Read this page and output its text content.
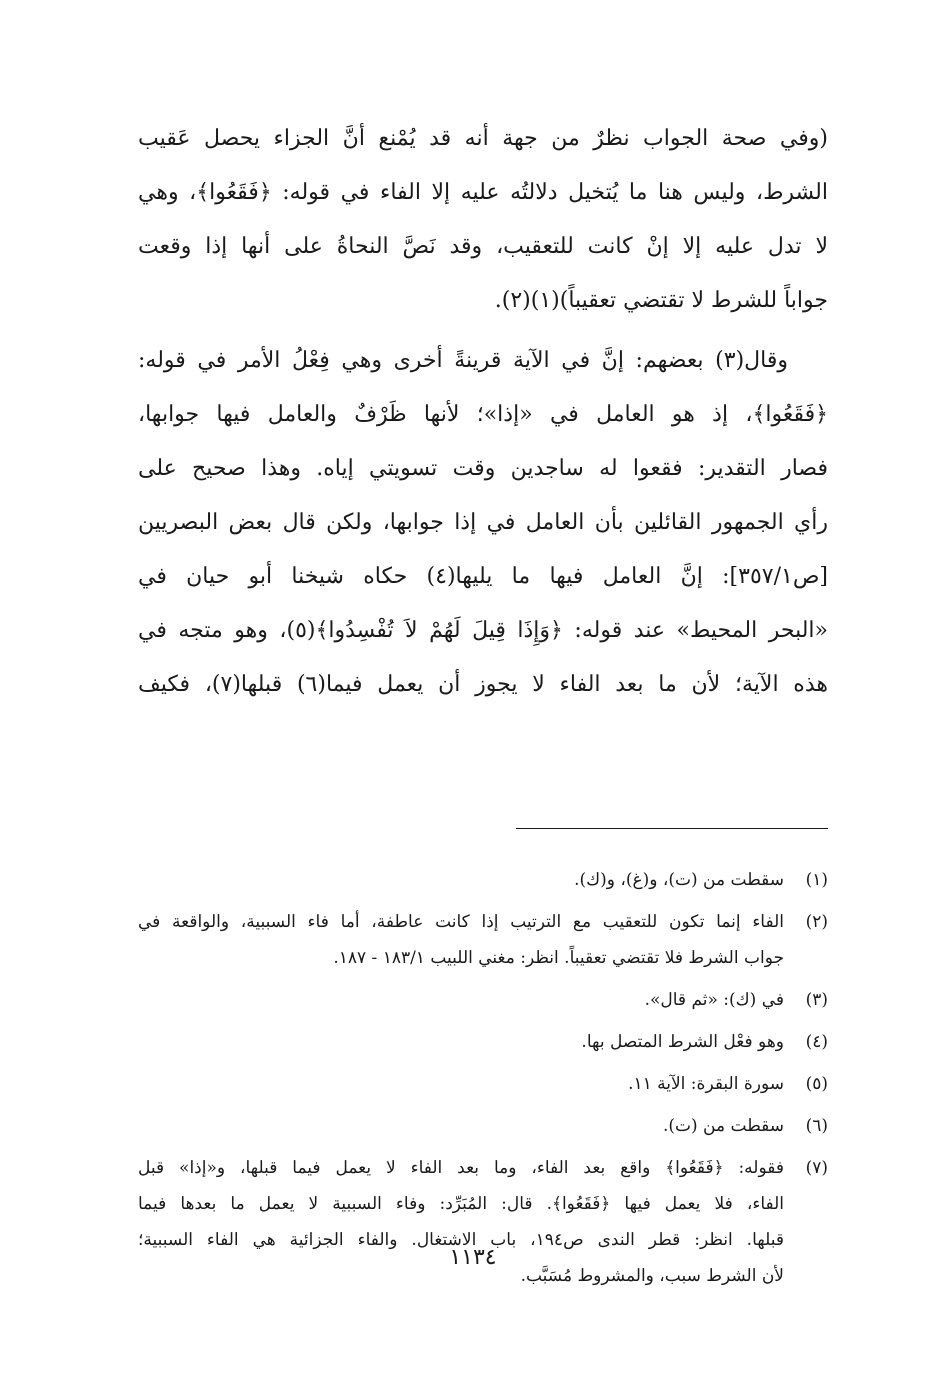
(وفي صحة الجواب نظرٌ من جهة أنه قد يُمْنع أنَّ الجزاء يحصل عَقيب
الشرط، وليس هنا ما يُتخيل دلالتُه عليه إلا الفاء في قوله: ﴿فَقَعُوا﴾، وهي
لا تدل عليه إلا إنْ كانت للتعقيب، وقد نَصَّ النحاةُ على أنها إذا وقعت
جواباً للشرط لا تقتضي تعقيباً)(١)(٢).

وقال(٣) بعضهم: إنَّ في الآية قرينةً أخرى وهي فِعْلُ الأمر في قوله:
﴿فَقَعُوا﴾، إذ هو العامل في «إذا»؛ لأنها ظَرْفٌ والعامل فيها جوابها،
فصار التقدير: فقعوا له ساجدين وقت تسويتي إياه. وهذا صحيح على
رأي الجمهور القائلين بأن العامل في إذا جوابها، ولكن قال بعض البصريين
[ص٣٥٧/١]: إنَّ العامل فيها ما يليها(٤) حكاه شيخنا أبو حيان في
«البحر المحيط» عند قوله: ﴿وَإِذَا قِيلَ لَهُمْ لاَ تُفْسِدُوا﴾(٥)، وهو متجه في
هذه الآية؛ لأن ما بعد الفاء لا يجوز أن يعمل فيما(٦) قبلها(٧)، فكيف

(١)
سقطت من (ت)، و(غ)، و(ك).
(٢)
الفاء إنما تكون للتعقيب مع الترتيب إذا كانت عاطفة، أما فاء السببية، والواقعة في
جواب الشرط فلا تقتضي تعقيباً. انظر: مغني اللبيب ١٨٣/١ - ١٨٧.
(٣)
في (ك): «ثم قال».
(٤)
وهو فعْل الشرط المتصل بها.
(٥)
سورة البقرة: الآية ١١.
(٦)
سقطت من (ت).
(٧)
فقوله: ﴿فَقَعُوا﴾ واقع بعد الفاء، وما بعد الفاء لا يعمل فيما قبلها، و«إذا» قبل
الفاء، فلا يعمل فيها ﴿فَقَعُوا﴾. قال: المُبَرِّد: وفاء السببية لا يعمل ما بعدها فيما
قبلها. انظر: قطر الندى ص١٩٤، باب الاشتغال. والفاء الجزائية هي الفاء السببية؛
لأن الشرط سبب، والمشروط مُسَبَّب.
١١٣٤
